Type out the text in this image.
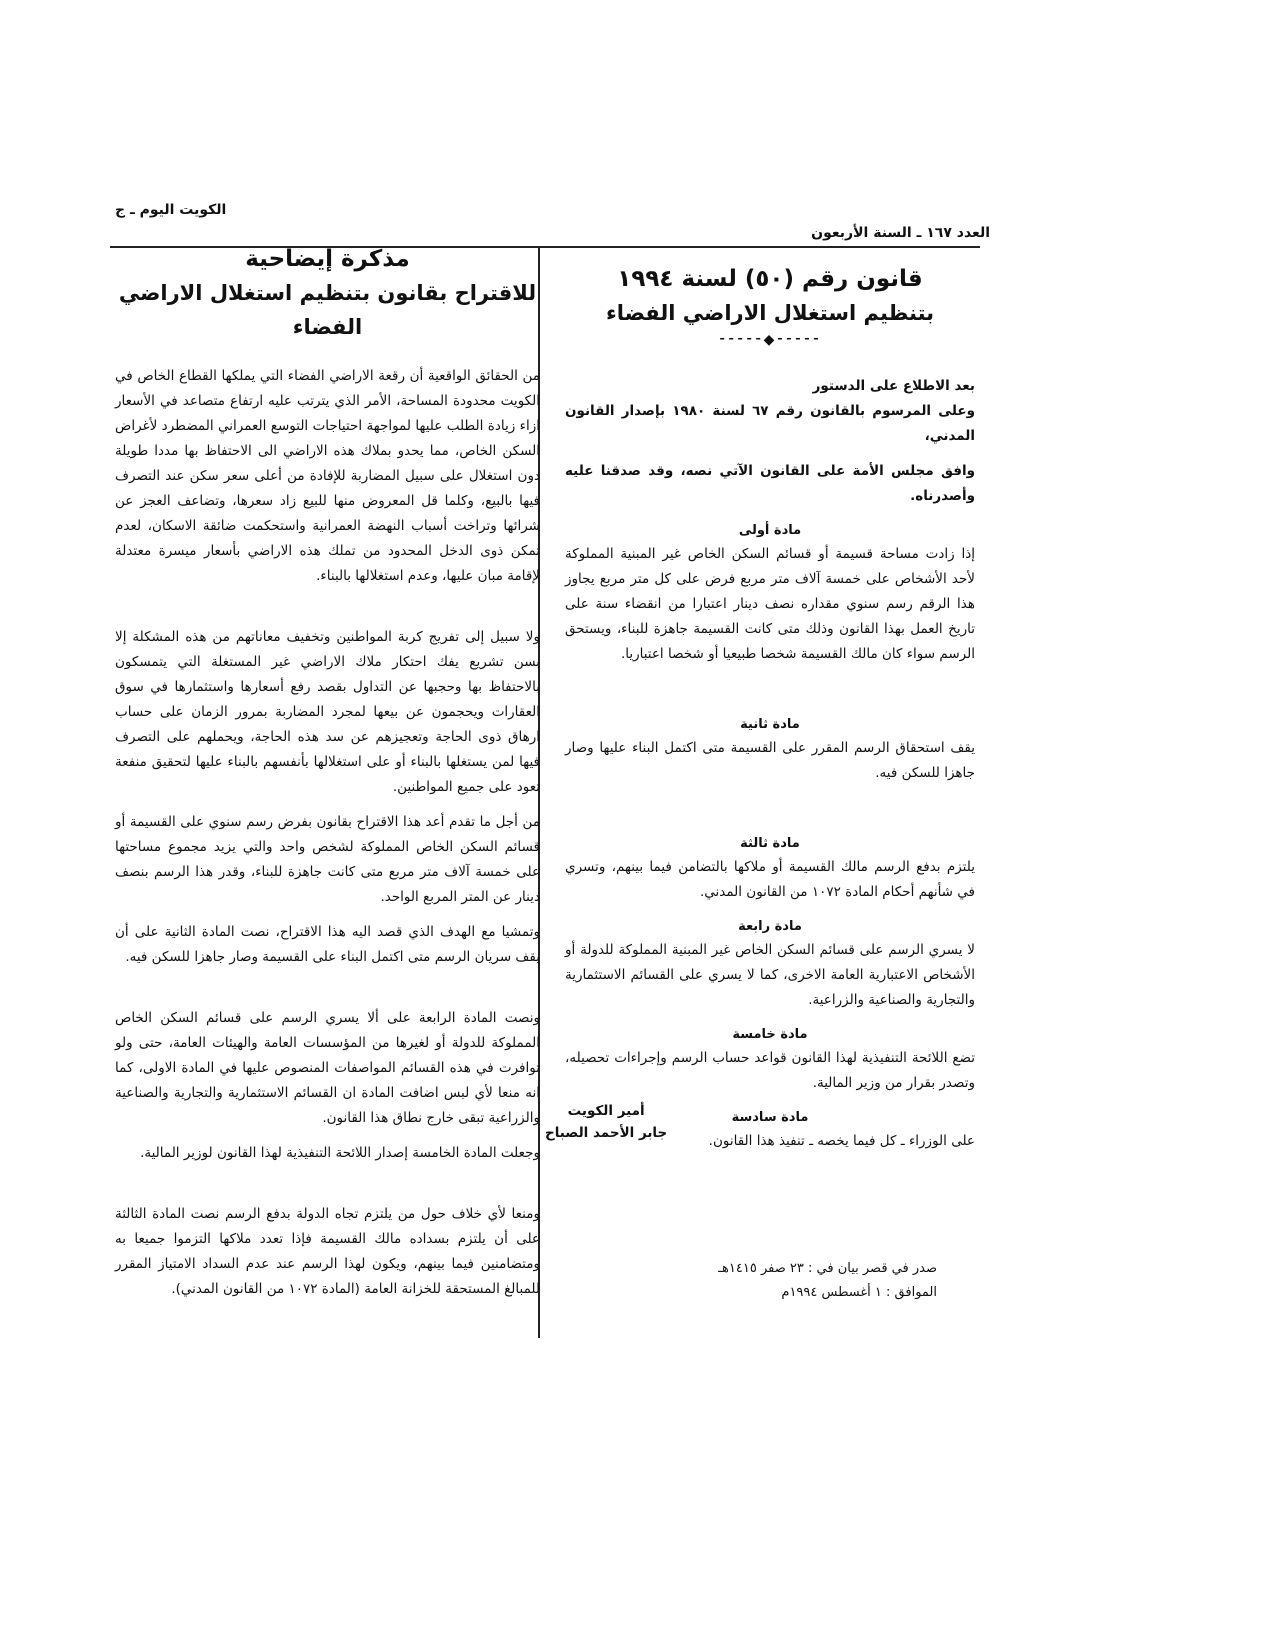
العدد ١٦٧ ـ السنة الأربعون
الكويت اليوم ـ ج

قانون رقم (٥٠) لسنة ١٩٩٤

بتنظيم استغلال الاراضي الفضاء

⁃⁃⁃⁃⁃◆⁃⁃⁃⁃⁃

بعد الاطلاع على الدستور

وعلى المرسوم بالقانون رقم ٦٧ لسنة ١٩٨٠ بإصدار القانون المدني،

وافق مجلس الأمة على القانون الآتي نصه، وقد صدقنا عليه وأصدرناه.

مادة أولى

إذا زادت مساحة قسيمة أو قسائم السكن الخاص غير المبنية المملوكة لأحد الأشخاص على خمسة آلاف متر مربع فرض على كل متر مربع يجاوز هذا الرقم رسم سنوي مقداره نصف دينار اعتبارا من انقضاء سنة على تاريخ العمل بهذا القانون وذلك متى كانت القسيمة جاهزة للبناء، ويستحق الرسم سواء كان مالك القسيمة شخصا طبيعيا أو شخصا اعتباريا.

مادة ثانية

يقف استحقاق الرسم المقرر على القسيمة متى اكتمل البناء عليها وصار جاهزا للسكن فيه.

مادة ثالثة

يلتزم بدفع الرسم مالك القسيمة أو ملاكها بالتضامن فيما بينهم، وتسري في شأنهم أحكام المادة ١٠٧٢ من القانون المدني.

مادة رابعة

لا يسري الرسم على قسائم السكن الخاص غير المبنية المملوكة للدولة أو الأشخاص الاعتبارية العامة الاخرى، كما لا يسري على القسائم الاستثمارية والتجارية والصناعية والزراعية.

مادة خامسة

تضع اللائحة التنفيذية لهذا القانون قواعد حساب الرسم وإجراءات تحصيله، وتصدر بقرار من وزير المالية.

مادة سادسة

على الوزراء ـ كل فيما يخصه ـ تنفيذ هذا القانون.

أمير الكويت
جابر الأحمد الصباح
صدر في قصر بيان في : ٢٣ صفر ١٤١٥هـ
الموافق : ١ أغسطس ١٩٩٤م

مذكرة إيضاحية

للاقتراح بقانون بتنظيم استغلال الاراضي الفضاء

من الحقائق الواقعية أن رقعة الاراضي الفضاء التي يملكها القطاع الخاص في الكويت محدودة المساحة، الأمر الذي يترتب عليه ارتفاع متصاعد في الأسعار ازاء زيادة الطلب عليها لمواجهة احتياجات التوسع العمراني المضطرد لأغراض السكن الخاص، مما يحدو بملاك هذه الاراضي الى الاحتفاظ بها مددا طويلة دون استغلال على سبيل المضاربة للإفادة من أعلى سعر سكن عند التصرف فيها بالبيع، وكلما قل المعروض منها للبيع زاد سعرها، وتضاعف العجز عن شرائها وتراخت أسباب النهضة العمرانية واستحكمت ضائقة الاسكان، لعدم تمكن ذوى الدخل المحدود من تملك هذه الاراضي بأسعار ميسرة معتدلة لإقامة مبان عليها، وعدم استغلالها بالبناء.

ولا سبيل إلى تفريج كربة المواطنين وتخفيف معاناتهم من هذه المشكلة إلا بسن تشريع يفك احتكار ملاك الاراضي غير المستغلة التي يتمسكون بالاحتفاظ بها وحجبها عن التداول بقصد رفع أسعارها واستثمارها في سوق العقارات ويحجمون عن بيعها لمجرد المضاربة بمرور الزمان على حساب ارهاق ذوى الحاجة وتعجيزهم عن سد هذه الحاجة، ويحملهم على التصرف فيها لمن يستغلها بالبناء أو على استغلالها بأنفسهم بالبناء عليها لتحقيق منفعة تعود على جميع المواطنين.

من أجل ما تقدم أعد هذا الاقتراح بقانون بفرض رسم سنوي على القسيمة أو قسائم السكن الخاص المملوكة لشخص واحد والتي يزيد مجموع مساحتها على خمسة آلاف متر مربع متى كانت جاهزة للبناء، وقدر هذا الرسم بنصف دينار عن المتر المربع الواحد.

وتمشيا مع الهدف الذي قصد اليه هذا الاقتراح، نصت المادة الثانية على أن يقف سريان الرسم متى اكتمل البناء على القسيمة وصار جاهزا للسكن فيه.

ونصت المادة الرابعة على ألا يسري الرسم على قسائم السكن الخاص المملوكة للدولة أو لغيرها من المؤسسات العامة والهيئات العامة، حتى ولو توافرت في هذه القسائم المواصفات المنصوص عليها في المادة الاولى، كما انه منعا لأي لبس اضافت المادة ان القسائم الاستثمارية والتجارية والصناعية والزراعية تبقى خارج نطاق هذا القانون.

وجعلت المادة الخامسة إصدار اللائحة التنفيذية لهذا القانون لوزير المالية.

ومنعا لأي خلاف حول من يلتزم تجاه الدولة بدفع الرسم نصت المادة الثالثة على أن يلتزم بسداده مالك القسيمة فإذا تعدد ملاكها التزموا جميعا به ومتضامنين فيما بينهم، ويكون لهذا الرسم عند عدم السداد الامتياز المقرر للمبالغ المستحقة للخزانة العامة (المادة ١٠٧٢ من القانون المدني).
